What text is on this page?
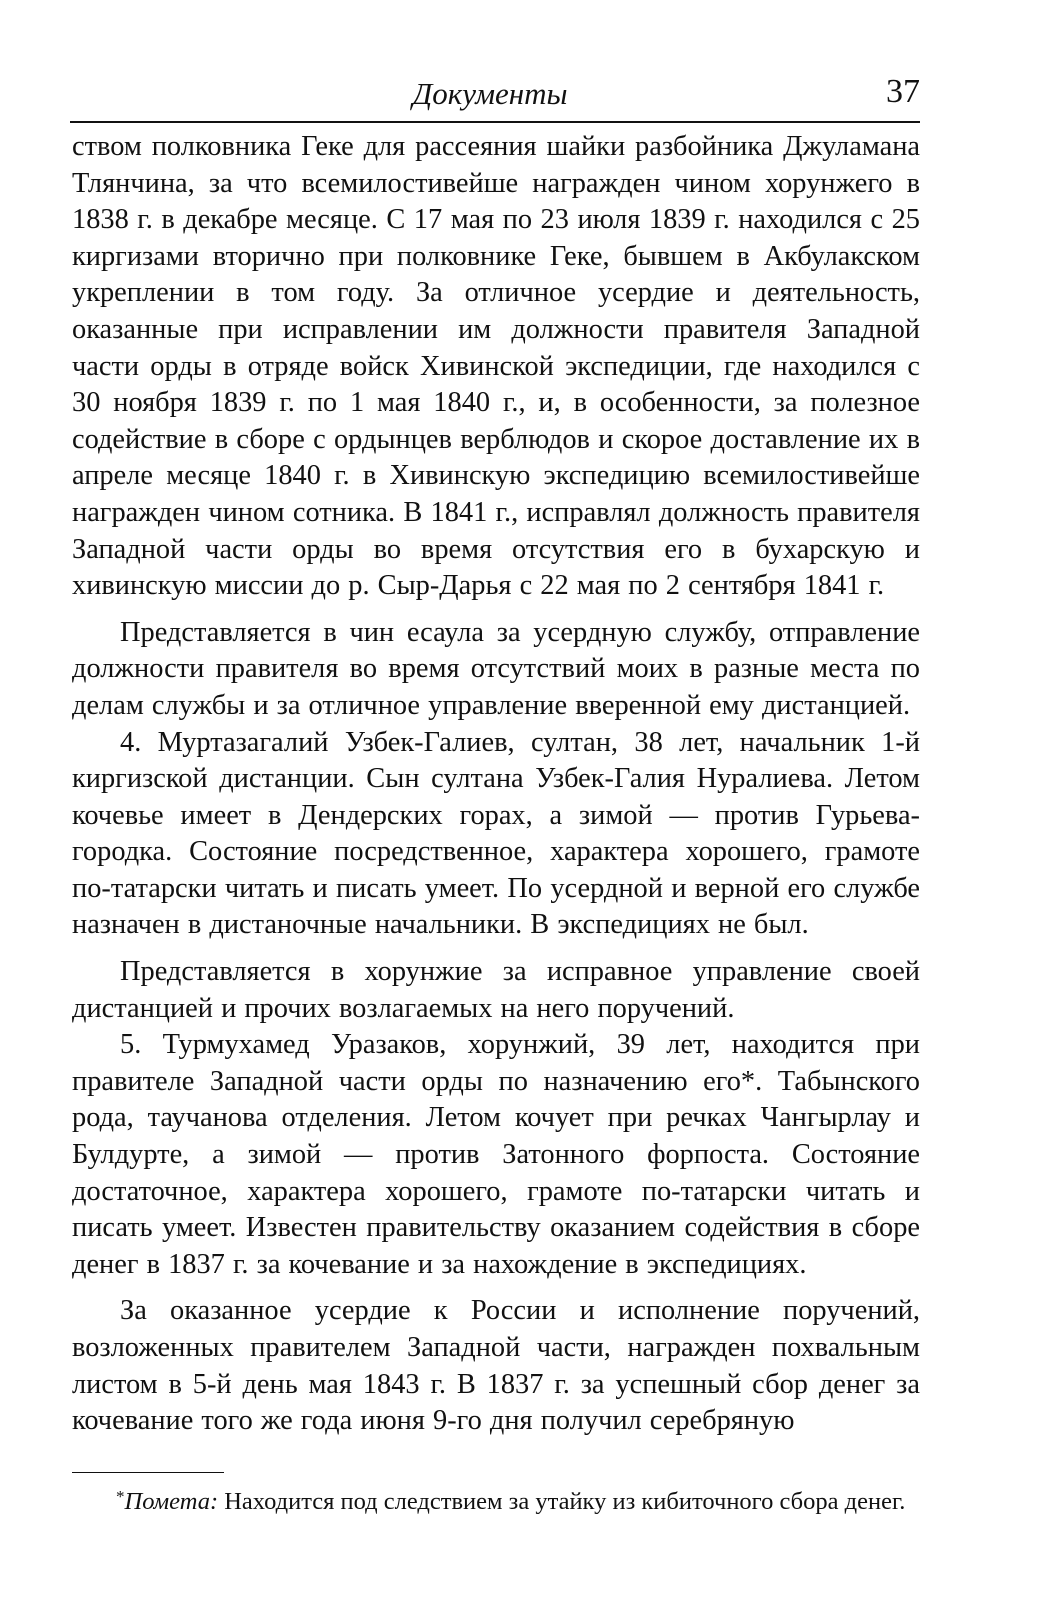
Документы	37

ством полковника Геке для рассеяния шайки разбойника Джуламана Тлянчина, за что всемилостивейше награжден чином хорунжего в 1838 г. в декабре месяце. С 17 мая по 23 июля 1839 г. находился с 25 киргизами вторично при полковнике Геке, бывшем в Акбулакском укреплении в том году. За отличное усердие и деятельность, оказанные при исправлении им должности правителя Западной части орды в отряде войск Хивинской экспедиции, где находился с 30 ноября 1839 г. по 1 мая 1840 г., и, в особенности, за полезное содействие в сборе с ордынцев верблюдов и скорое доставление их в апреле месяце 1840 г. в Хивинскую экспедицию всемилостивейше награжден чином сотника. В 1841 г., исправлял должность правителя Западной части орды во время отсутствия его в бухарскую и хивинскую миссии до р. Сыр-Дарья с 22 мая по 2 сентября 1841 г.

Представляется в чин есаула за усердную службу, отправление должности правителя во время отсутствий моих в разные места по делам службы и за отличное управление вверенной ему дистанцией.

4. Муртазагалий Узбек-Галиев, султан, 38 лет, начальник 1-й киргизской дистанции. Сын султана Узбек-Галия Нуралиева. Летом кочевье имеет в Дендерских горах, а зимой — против Гурьева-городка. Состояние посредственное, характера хорошего, грамоте по-татарски читать и писать умеет. По усердной и верной его службе назначен в дистаночные начальники. В экспедициях не был.

Представляется в хорунжие за исправное управление своей дистанцией и прочих возлагаемых на него поручений.

5. Турмухамед Уразаков, хорунжий, 39 лет, находится при правителе Западной части орды по назначению его*. Табынского рода, таучанова отделения. Летом кочует при речках Чангырлау и Булдурте, а зимой — против Затонного форпоста. Состояние достаточное, характера хорошего, грамоте по-татарски читать и писать умеет. Известен правительству оказанием содействия в сборе денег в 1837 г. за кочевание и за нахождение в экспедициях.

За оказанное усердие к России и исполнение поручений, возложенных правителем Западной части, награжден похвальным листом в 5-й день мая 1843 г. В 1837 г. за успешный сбор денег за кочевание того же года июня 9-го дня получил серебряную

*Помета: Находится под следствием за утайку из кибиточного сбора денег.
